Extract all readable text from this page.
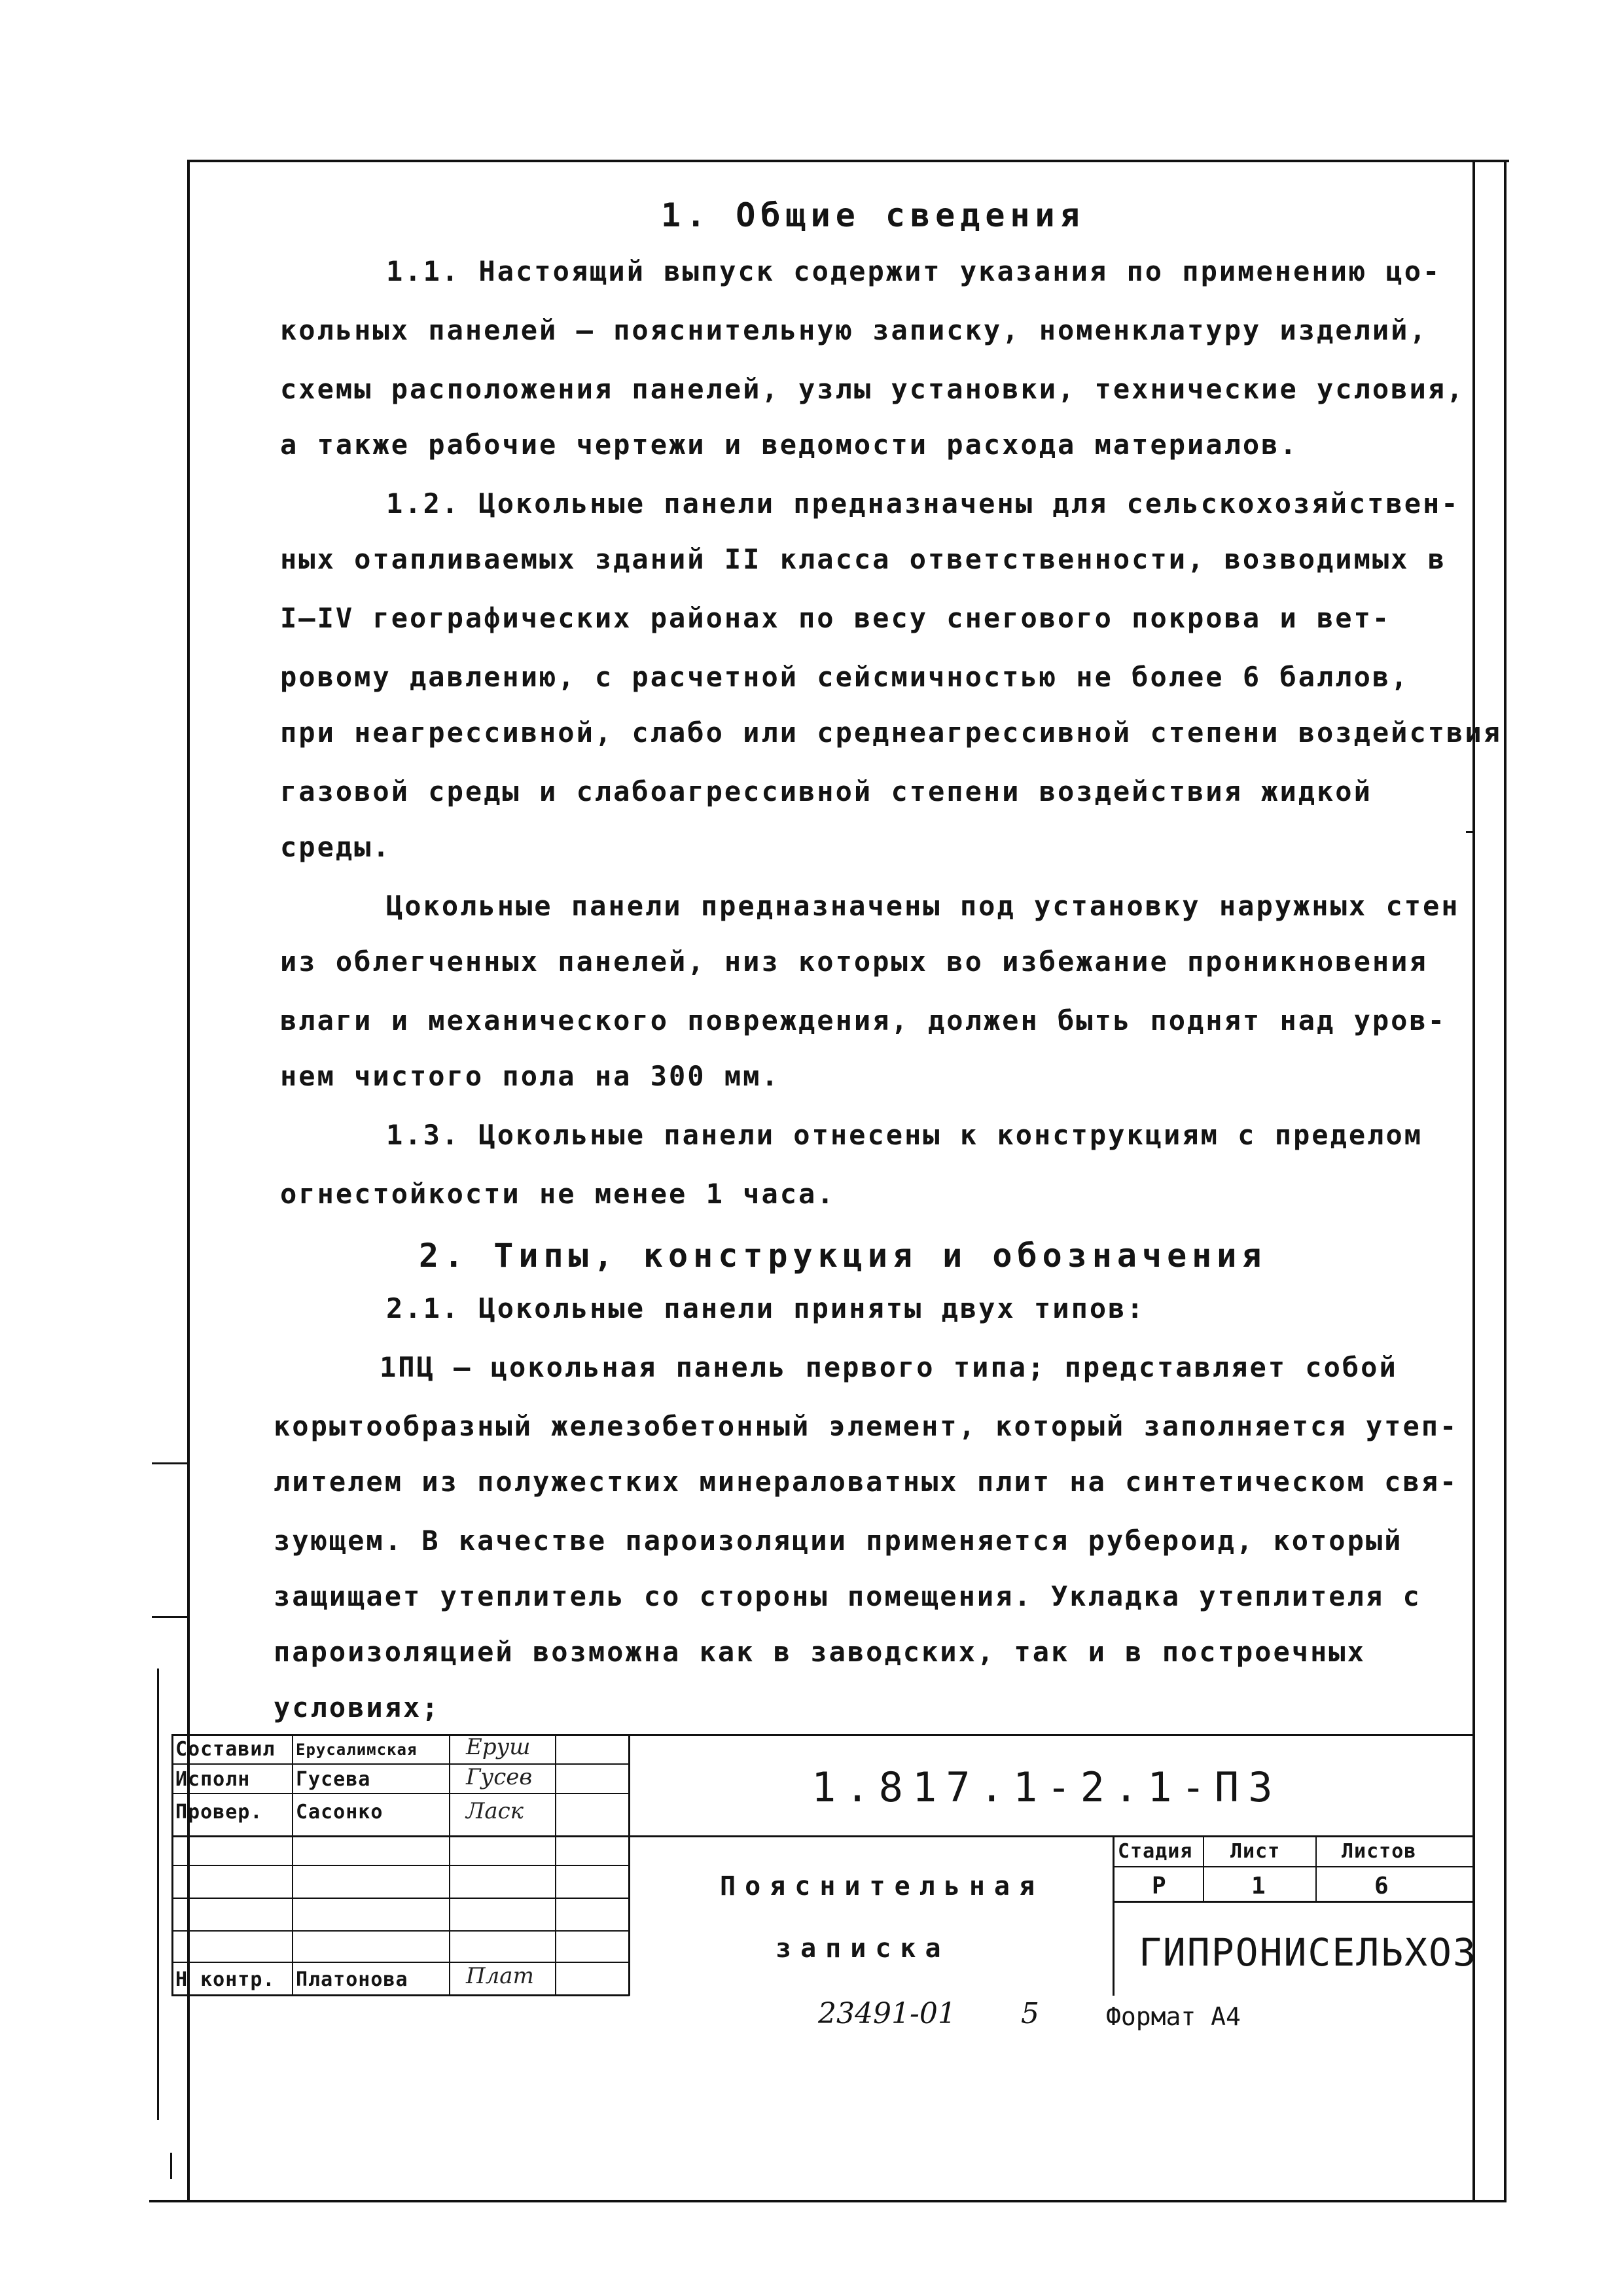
1. Общие сведения
1.1. Настоящий выпуск содержит указания по применению цо-
кольных панелей – пояснительную записку, номенклатуру изделий,
схемы расположения панелей, узлы установки, технические условия,
а также рабочие чертежи и ведомости расхода материалов.
1.2. Цокольные панели предназначены для сельскохозяйствен-
ных отапливаемых зданий II класса ответственности, возводимых в
I–IV географических районах по весу снегового покрова и вет-
ровому давлению, с расчетной сейсмичностью не более 6 баллов,
при неагрессивной, слабо или среднеагрессивной степени воздействия
газовой среды и слабоагрессивной степени воздействия жидкой
среды.
Цокольные панели предназначены под установку наружных стен
из облегченных панелей, низ которых во избежание проникновения
влаги и механического повреждения, должен быть поднят над уров-
нем чистого пола на 300 мм.
1.3. Цокольные панели отнесены к конструкциям с пределом
огнестойкости не менее 1 часа.
2. Типы, конструкция и обозначения
2.1. Цокольные панели приняты двух типов:
1ПЦ – цокольная панель первого типа; представляет собой
корытообразный железобетонный элемент, который заполняется утеп-
лителем из полужестких минераловатных плит на синтетическом свя-
зующем. В качестве пароизоляции применяется рубероид, который
защищает утеплитель со стороны помещения. Укладка утеплителя с
пароизоляцией возможна как в заводских, так и в построечных
условиях;
Составил Ерусалимская Еруш
Исполн Гусева	Гусев
Провер. Сасонко	Ласк
Н контр. Платонова	Плат
1.817.1-2.1-ПЗ
Пояснительная
записка
Стадия Лист	Листов
Р	1	6
ГИПРОНИСЕЛЬХОЗ
23491-01 5	Формат А4
